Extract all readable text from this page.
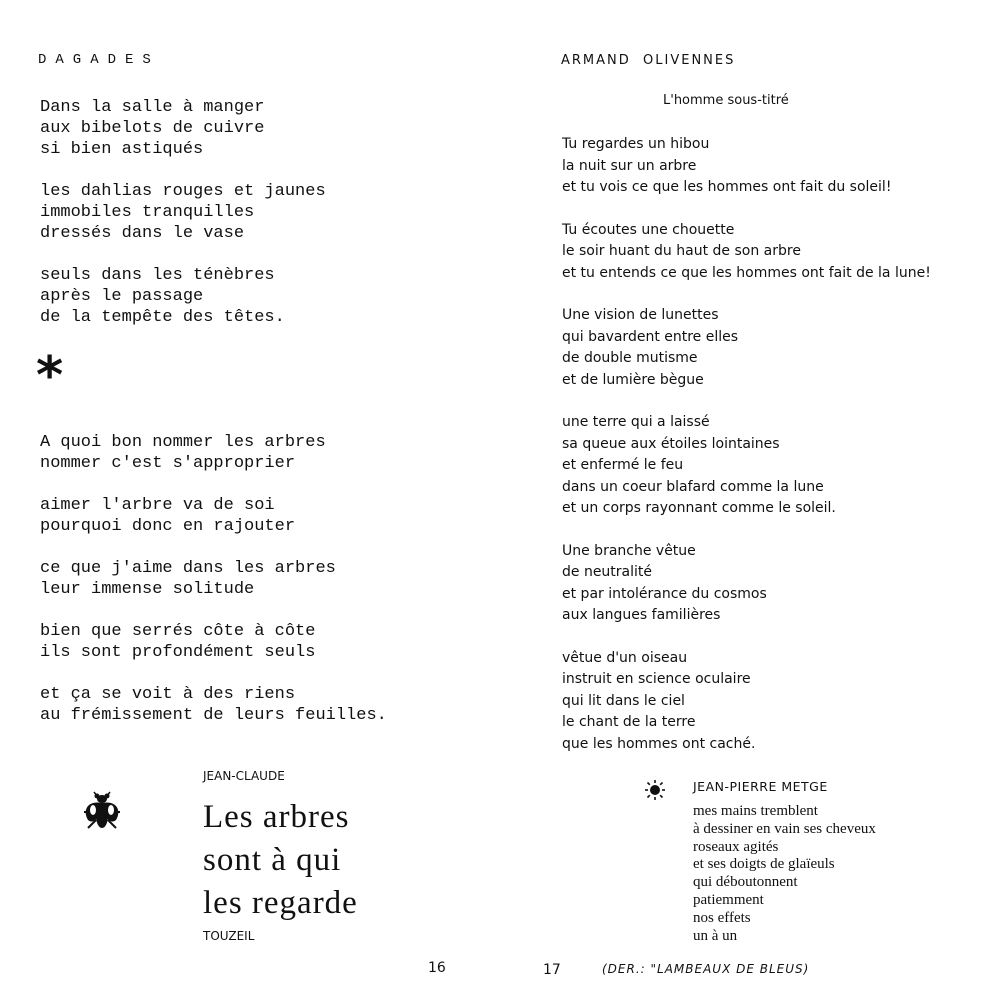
DAGADES
Dans la salle à manger
aux bibelots de cuivre
si bien astiqués
les dahlias rouges et jaunes
immobiles tranquilles
dressés dans le vase
seuls dans les ténèbres
après le passage
de la tempête des têtes.
*
A quoi bon nommer les arbres
nommer c'est s'approprier
aimer l'arbre va de soi
pourquoi donc en rajouter
ce que j'aime dans les arbres
leur immense solitude
bien que serrés côte à côte
ils sont profondément seuls
et ça se voit à des riens
au frémissement de leurs feuilles.
JEAN-CLAUDE
Les arbres
sont à qui
les regarde
TOUZEIL
ARMAND  OLIVENNES
L'homme sous-titré
Tu regardes un hibou
la nuit sur un arbre
et tu vois ce que les hommes ont fait du soleil!
Tu écoutes une chouette
le soir huant du haut de son arbre
et tu entends ce que les hommes ont fait de la lune!
Une vision de lunettes
qui bavardent entre elles
de double mutisme
et de lumière bègue
une terre qui a laissé
sa queue aux étoiles lointaines
et enfermé le feu
dans un coeur blafard comme la lune
et un corps rayonnant comme le soleil.
Une branche vêtue
de neutralité
et par intolérance du cosmos
aux langues familières
vêtue d'un oiseau
instruit en science oculaire
qui lit dans le ciel
le chant de la terre
que les hommes ont caché.
JEAN-PIERRE METGE
mes mains tremblent
à dessiner en vain ses cheveux
roseaux agités
et ses doigts de glaïeuls
qui déboutonnent
patiemment
nos effets
un à un
16	17	(DER.: "LAMBEAUX DE BLEUS)
